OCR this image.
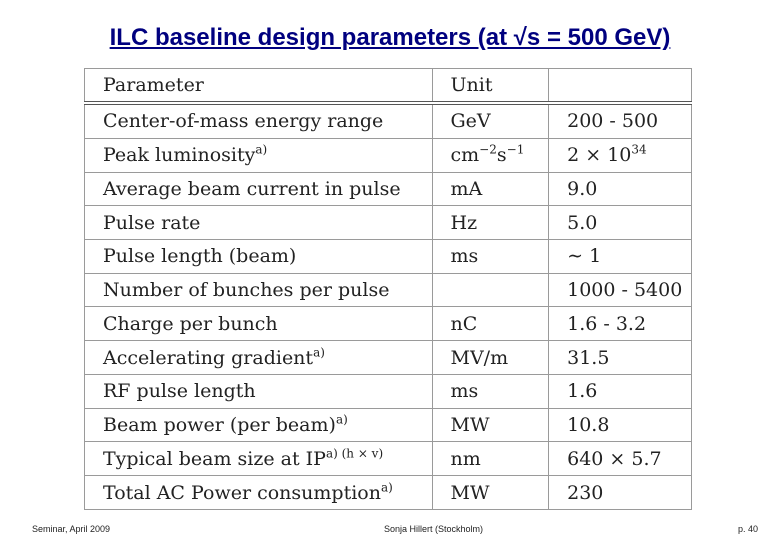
ILC baseline design parameters (at √s = 500 GeV)
Parameter	Unit	
Center-of-mass energy range	GeV	200 - 500
Peak luminosity$^{a)}$	$cm^{-2}s^{-1}$	$2 \times 10^{34}$
Average beam current in pulse	mA	9.0
Pulse rate	Hz	5.0
Pulse length (beam)	ms	∼ 1
Number of bunches per pulse		1000 - 5400
Charge per bunch	nC	1.6 - 3.2
Accelerating gradient$^{a)}$	MV/m	31.5
RF pulse length	ms	1.6
Beam power (per beam)$^{a)}$	MW	10.8
Typical beam size at $IP^{a) (h \times v)}$	nm	640 × 5.7
Total AC Power consumption$^{a)}$	MW	230
Seminar, April 2009	Sonja Hillert (Stockholm)	p. 40
